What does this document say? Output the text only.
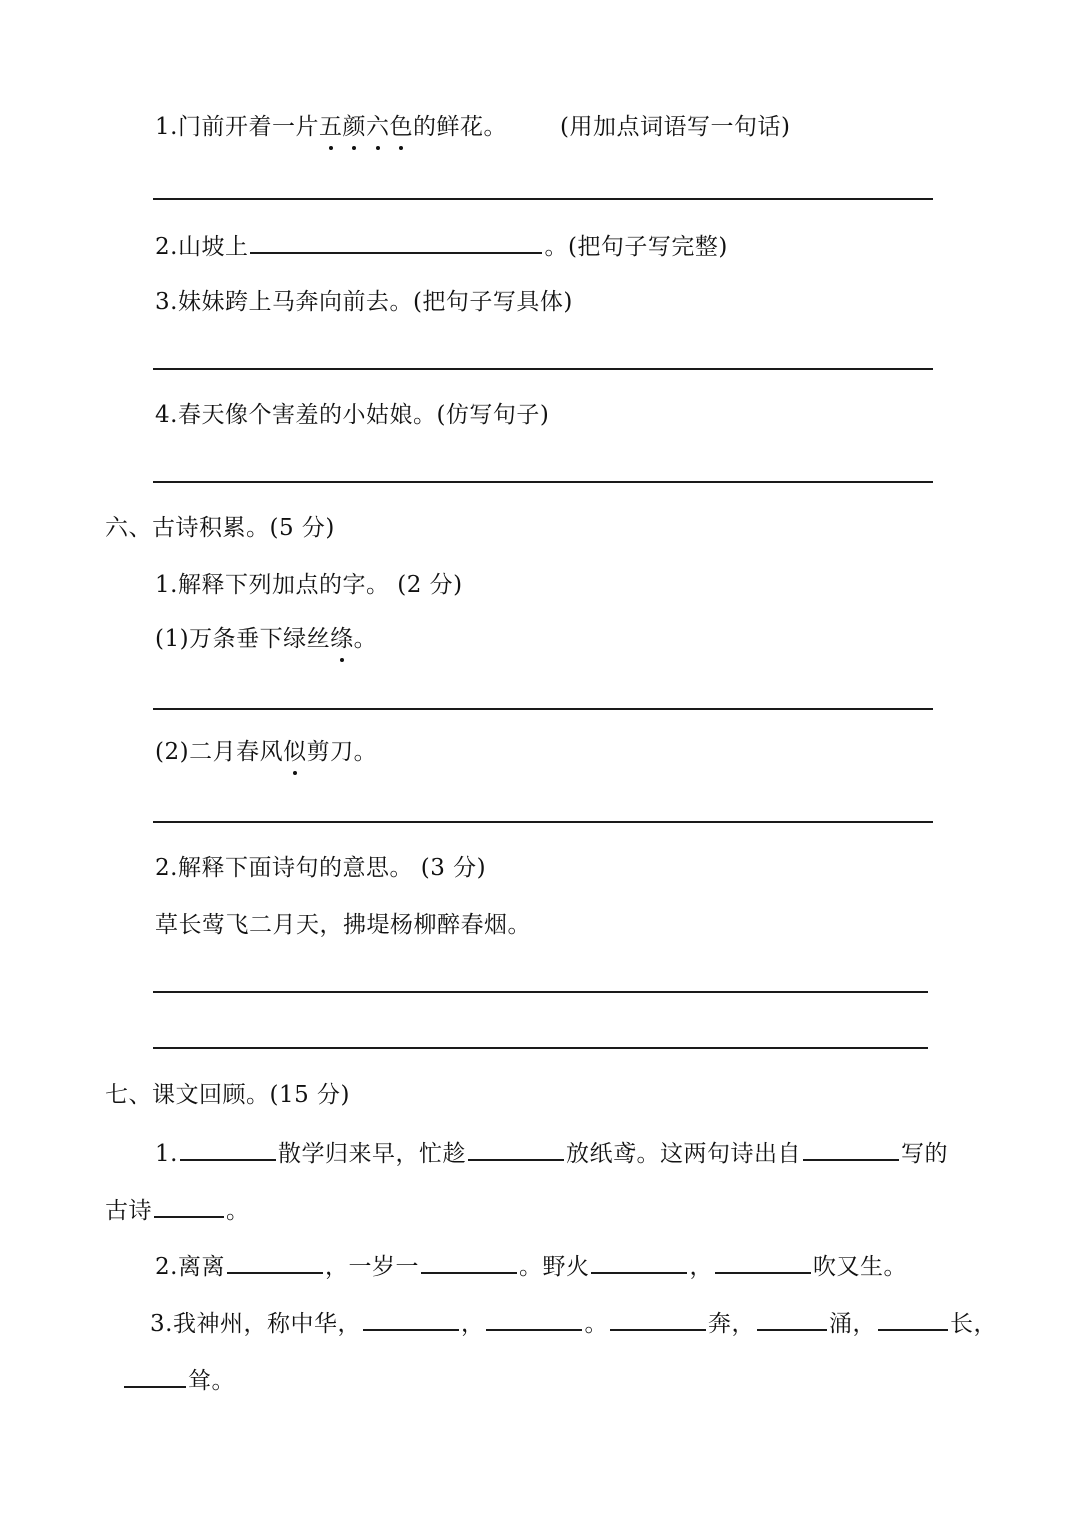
1.门前开着一片五颜六色的鲜花。 (用加点词语写一句话)
2.山坡上	。(把句子写完整)
3.妹妹跨上马奔向前去。(把句子写具体)
4.春天像个害羞的小姑娘。(仿写句子)
六、古诗积累。(5 分)
1.解释下列加点的字。 (2 分)
(1)万条垂下绿丝绦。
(2)二月春风似剪刀。
2.解释下面诗句的意思。 (3 分)
草长莺飞二月天，拂堤杨柳醉春烟。
七、课文回顾。(15 分)
1.	散学归来早，忙趁	放纸鸢。这两句诗出自	写的
古诗	。
2.离离	，一岁一	。野火	，	吹又生。
3.我神州，称中华，	，	。	奔，	涌，	长，
耸。
